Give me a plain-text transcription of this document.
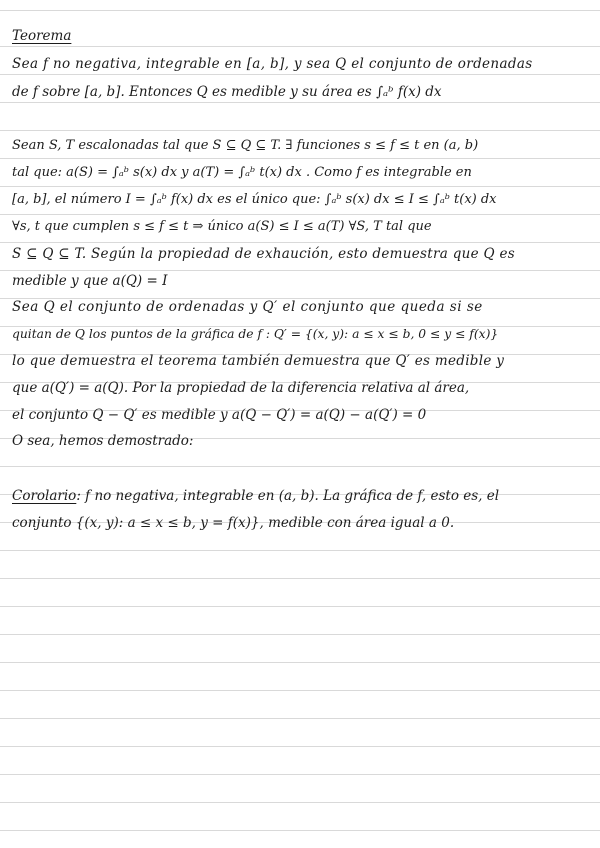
Teorema
Sea f no negativa, integrable en [a, b], y sea Q el conjunto de ordenadas
de f sobre [a, b]. Entonces Q es medible y su área es ∫ₐᵇ f(x) dx
Sean S, T escalonadas tal que S ⊆ Q ⊆ T. ∃ funciones s ≤ f ≤ t en (a, b)
tal que: a(S) = ∫ₐᵇ s(x) dx y a(T) = ∫ₐᵇ t(x) dx . Como f es integrable en
[a, b], el número I = ∫ₐᵇ f(x) dx es el único que: ∫ₐᵇ s(x) dx ≤ I ≤ ∫ₐᵇ t(x) dx
∀s, t que cumplen s ≤ f ≤ t ⇒ único a(S) ≤ I ≤ a(T) ∀S, T tal que
S ⊆ Q ⊆ T. Según la propiedad de exhaución, esto demuestra que Q es
medible y que a(Q) = I
Sea Q el conjunto de ordenadas y Q′ el conjunto que queda si se
quitan de Q los puntos de la gráfica de f : Q′ = {(x, y): a ≤ x ≤ b, 0 ≤ y ≤ f(x)}
lo que demuestra el teorema también demuestra que Q′ es medible y
que a(Q′) = a(Q). Por la propiedad de la diferencia relativa al área,
el conjunto Q − Q′ es medible y a(Q − Q′) = a(Q) − a(Q′) = 0
O sea, hemos demostrado:
Corolario: f no negativa, integrable en (a, b). La gráfica de f, esto es, el
conjunto {(x, y): a ≤ x ≤ b, y = f(x)}, medible con área igual a 0.
